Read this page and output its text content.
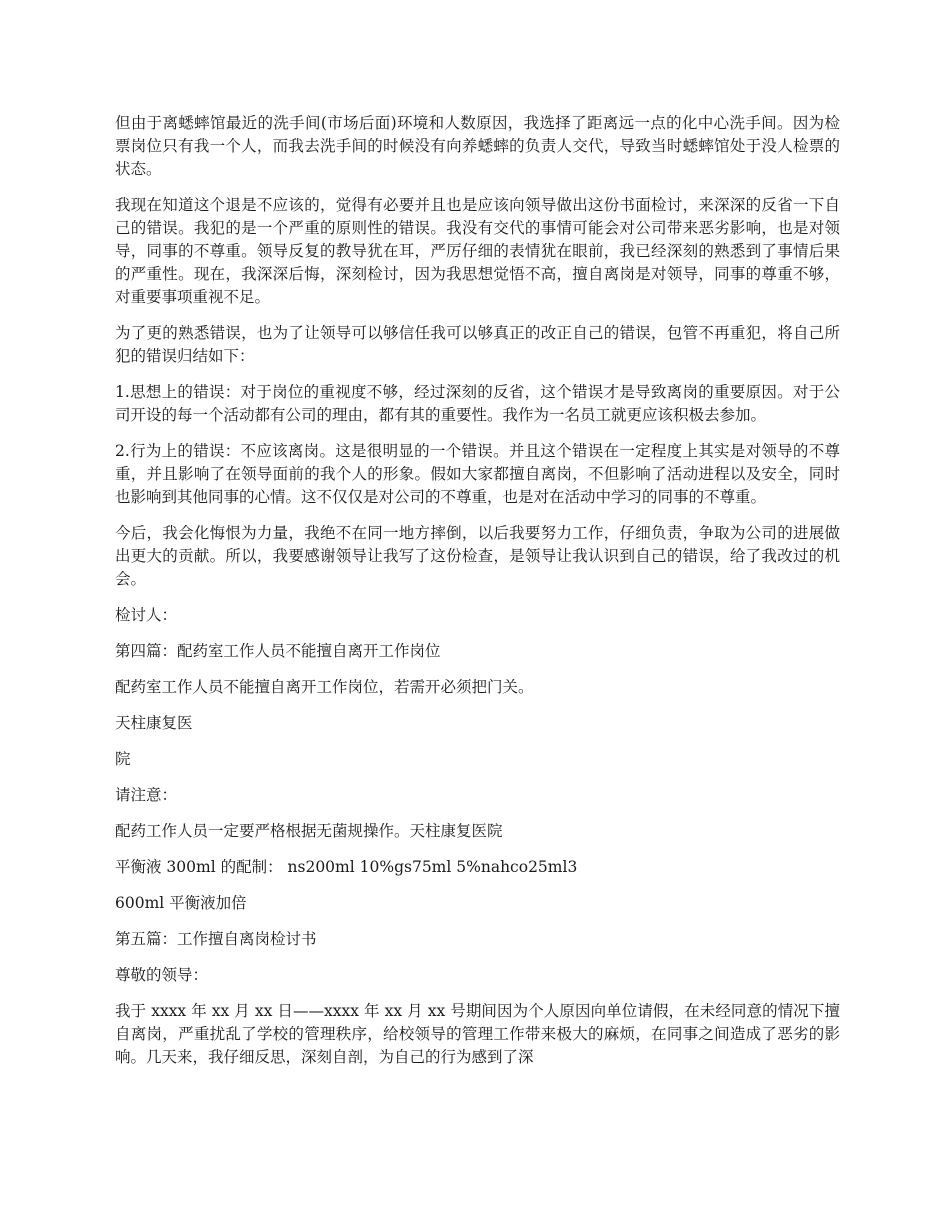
但由于离蟋蟀馆最近的洗手间(市场后面)环境和人数原因，我选择了距离远一点的化中心洗手间。因为检票岗位只有我一个人，而我去洗手间的时候没有向养蟋蟀的负责人交代，导致当时蟋蟀馆处于没人检票的状态。

我现在知道这个退是不应该的，觉得有必要并且也是应该向领导做出这份书面检讨，来深深的反省一下自己的错误。我犯的是一个严重的原则性的错误。我没有交代的事情可能会对公司带来恶劣影响，也是对领导，同事的不尊重。领导反复的教导犹在耳，严厉仔细的表情犹在眼前，我已经深刻的熟悉到了事情后果的严重性。现在，我深深后悔，深刻检讨，因为我思想觉悟不高，擅自离岗是对领导，同事的尊重不够，对重要事项重视不足。

为了更的熟悉错误，也为了让领导可以够信任我可以够真正的改正自己的错误，包管不再重犯，将自己所犯的错误归结如下：

1.思想上的错误：对于岗位的重视度不够，经过深刻的反省，这个错误才是导致离岗的重要原因。对于公司开设的每一个活动都有公司的理由，都有其的重要性。我作为一名员工就更应该积极去参加。

2.行为上的错误：不应该离岗。这是很明显的一个错误。并且这个错误在一定程度上其实是对领导的不尊重，并且影响了在领导面前的我个人的形象。假如大家都擅自离岗，不但影响了活动进程以及安全，同时也影响到其他同事的心情。这不仅仅是对公司的不尊重，也是对在活动中学习的同事的不尊重。

今后，我会化悔恨为力量，我绝不在同一地方摔倒，以后我要努力工作，仔细负责，争取为公司的进展做出更大的贡献。所以，我要感谢领导让我写了这份检查，是领导让我认识到自己的错误，给了我改过的机会。

检讨人：

第四篇：配药室工作人员不能擅自离开工作岗位

配药室工作人员不能擅自离开工作岗位，若需开必须把门关。

天柱康复医

院

请注意：

配药工作人员一定要严格根据无菌规操作。天柱康复医院

平衡液 300ml 的配制： ns200ml 10%gs75ml 5%nahco25ml3

600ml 平衡液加倍

第五篇：工作擅自离岗检讨书

尊敬的领导：

我于 xxxx 年 xx 月 xx 日——xxxx 年 xx 月 xx 号期间因为个人原因向单位请假，在未经同意的情况下擅自离岗，严重扰乱了学校的管理秩序，给校领导的管理工作带来极大的麻烦，在同事之间造成了恶劣的影响。几天来，我仔细反思，深刻自剖，为自己的行为感到了深
